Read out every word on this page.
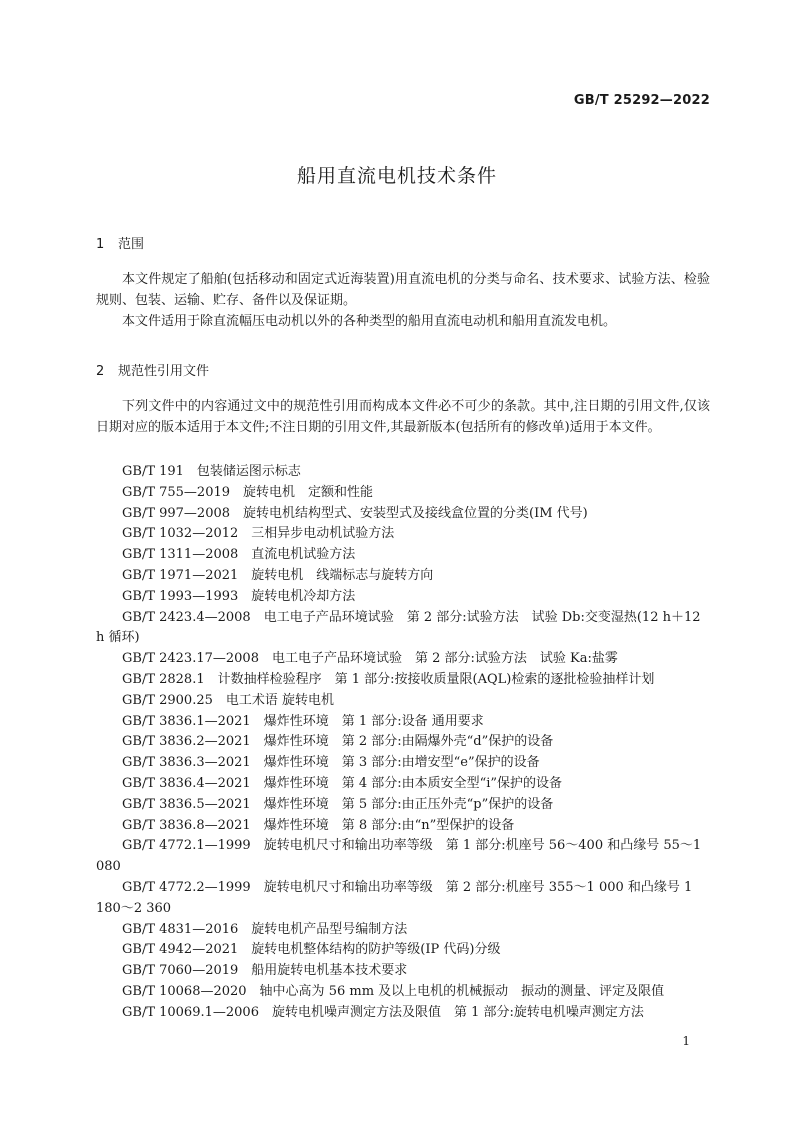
GB/T 25292—2022
船用直流电机技术条件
1 范围
本文件规定了船舶(包括移动和固定式近海装置)用直流电机的分类与命名、技术要求、试验方法、检验规则、包装、运输、贮存、备件以及保证期。
本文件适用于除直流幅压电动机以外的各种类型的船用直流电动机和船用直流发电机。
2 规范性引用文件
下列文件中的内容通过文中的规范性引用而构成本文件必不可少的条款。其中,注日期的引用文件,仅该日期对应的版本适用于本文件;不注日期的引用文件,其最新版本(包括所有的修改单)适用于本文件。
GB/T 191　包装储运图示标志
GB/T 755—2019　旋转电机　定额和性能
GB/T 997—2008　旋转电机结构型式、安装型式及接线盒位置的分类(IM 代号)
GB/T 1032—2012　三相异步电动机试验方法
GB/T 1311—2008　直流电机试验方法
GB/T 1971—2021　旋转电机　线端标志与旋转方向
GB/T 1993—1993　旋转电机冷却方法
GB/T 2423.4—2008　电工电子产品环境试验　第 2 部分:试验方法　试验 Db:交变湿热(12 h＋12 h 循环)
GB/T 2423.17—2008　电工电子产品环境试验　第 2 部分:试验方法　试验 Ka:盐雾
GB/T 2828.1　计数抽样检验程序　第 1 部分:按接收质量限(AQL)检索的逐批检验抽样计划
GB/T 2900.25　电工术语 旋转电机
GB/T 3836.1—2021　爆炸性环境　第 1 部分:设备 通用要求
GB/T 3836.2—2021　爆炸性环境　第 2 部分:由隔爆外壳“d”保护的设备
GB/T 3836.3—2021　爆炸性环境　第 3 部分:由增安型“e”保护的设备
GB/T 3836.4—2021　爆炸性环境　第 4 部分:由本质安全型“i”保护的设备
GB/T 3836.5—2021　爆炸性环境　第 5 部分:由正压外壳“p”保护的设备
GB/T 3836.8—2021　爆炸性环境　第 8 部分:由“n”型保护的设备
GB/T 4772.1—1999　旋转电机尺寸和输出功率等级　第 1 部分:机座号 56～400 和凸缘号 55～1 080
GB/T 4772.2—1999　旋转电机尺寸和输出功率等级　第 2 部分:机座号 355～1 000 和凸缘号 1 180～2 360
GB/T 4831—2016　旋转电机产品型号编制方法
GB/T 4942—2021　旋转电机整体结构的防护等级(IP 代码)分级
GB/T 7060—2019　船用旋转电机基本技术要求
GB/T 10068—2020　轴中心高为 56 mm 及以上电机的机械振动　振动的测量、评定及限值
GB/T 10069.1—2006　旋转电机噪声测定方法及限值　第 1 部分:旋转电机噪声测定方法
1
